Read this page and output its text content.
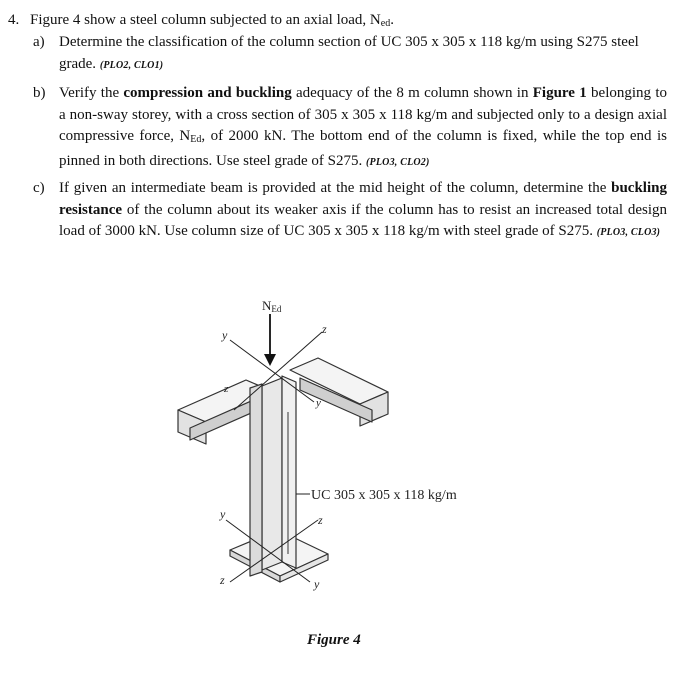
4. Figure 4 show a steel column subjected to an axial load, $N_{ed}$.
a) Determine the classification of the column section of UC 305 x 305 x 118 kg/m using S275 steel
grade. (PLO2, CLO1)
b) Verify the compression and buckling adequacy of the 8 m column shown in Figure 1 belonging to a non-sway storey, with a cross section of 305 x 305 x 118 kg/m and subjected only to a design axial compressive force, $N_{Ed}$, of 2000 kN. The bottom end of the column is fixed, while the top end is pinned in both directions. Use steel grade of S275. (PLO3, CLO2)
c) If given an intermediate beam is provided at the mid height of the column, determine the buckling resistance of the column about its weaker axis if the column has to resist an increased total design load of 3000 kN. Use column size of UC 305 x 305 x 118 kg/m with steel grade of S275. (PLO3, CLO3)
NEd
y	z
y
z
y	z
y
z
UC 305 x 305 x 118 kg/m
Figure 4
